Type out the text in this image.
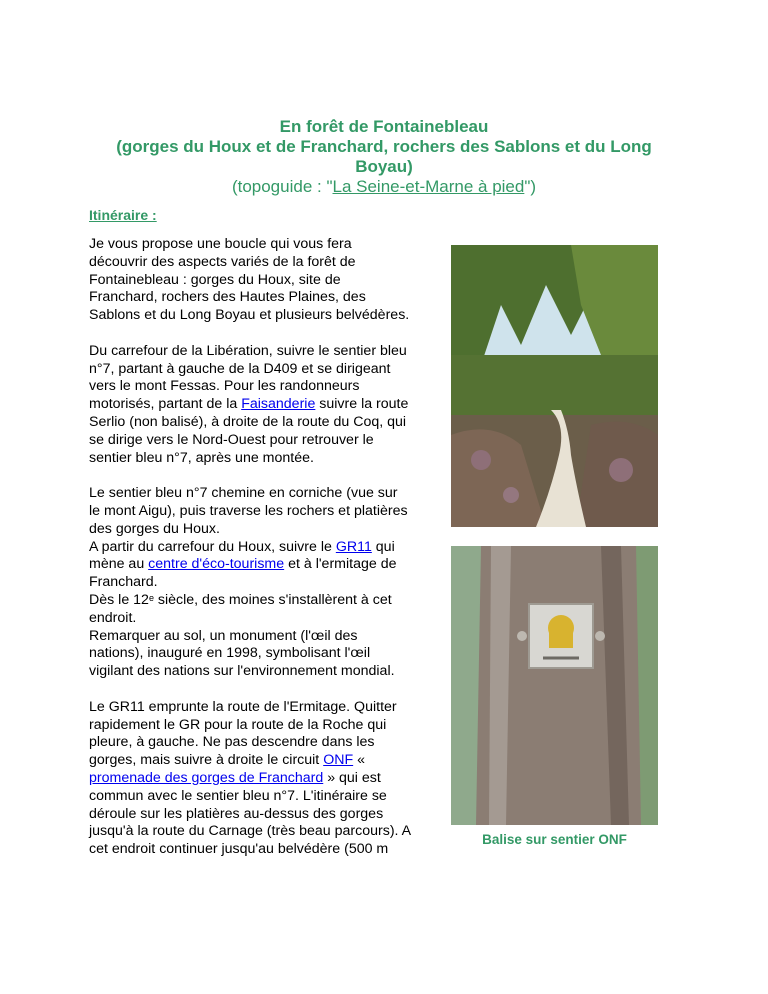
En forêt de Fontainebleau
(gorges du Houx et de Franchard, rochers des Sablons et du Long
Boyau)
(topoguide : "La Seine-et-Marne à pied")
Itinéraire :

Je vous propose une boucle qui vous fera découvrir des aspects variés de la forêt de Fontainebleau : gorges du Houx, site de Franchard, rochers des Hautes Plaines, des Sablons et du Long Boyau et plusieurs belvédères.

Du carrefour de la Libération, suivre le sentier bleu n°7, partant à gauche de la D409 et se dirigeant vers le mont Fessas. Pour les randonneurs motorisés, partant de la Faisanderie suivre la route Serlio (non balisé), à droite de la route du Coq, qui se dirige vers le Nord-Ouest pour retrouver le sentier bleu n°7, après une montée.

Le sentier bleu n°7 chemine en corniche (vue sur le mont Aigu), puis traverse les rochers et platières des gorges du Houx.
A partir du carrefour du Houx, suivre le GR11 qui mène au centre d'éco-tourisme et à l'ermitage de Franchard.
Dès le 12e siècle, des moines s'installèrent à cet endroit.
Remarquer au sol, un monument (l'œil des nations), inauguré en 1998, symbolisant l'œil vigilant des nations sur l'environnement mondial.

Le GR11 emprunte la route de l'Ermitage. Quitter rapidement le GR pour la route de la Roche qui pleure, à gauche. Ne pas descendre dans les gorges, mais suivre à droite le circuit ONF « promenade des gorges de Franchard » qui est commun avec le sentier bleu n°7. L'itinéraire se déroule sur les platières au-dessus des gorges jusqu'à la route du Carnage (très beau parcours). A cet endroit continuer jusqu'au belvédère (500 m

Balise sur sentier ONF
